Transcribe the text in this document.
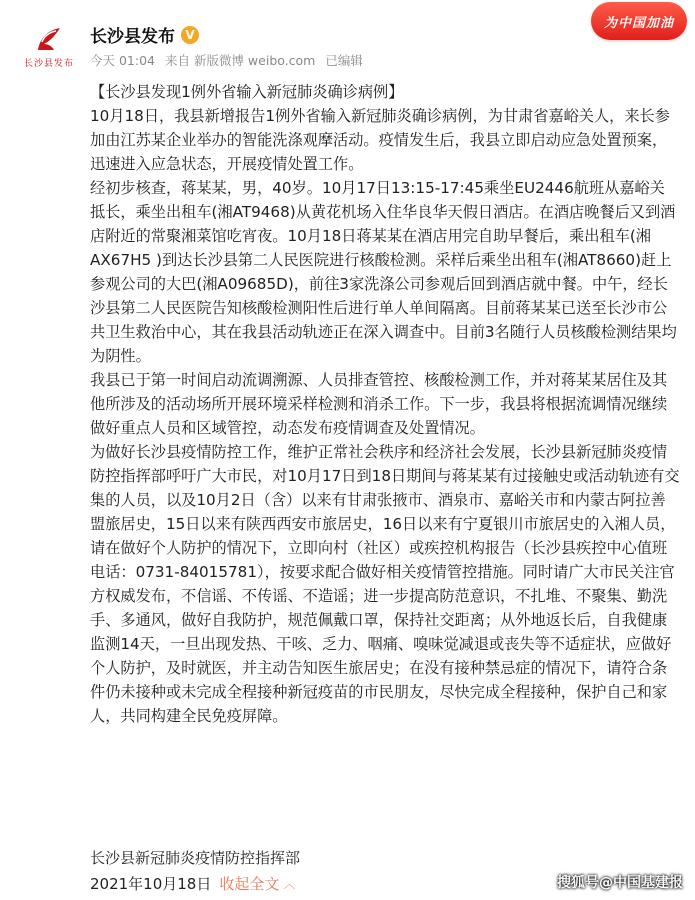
长沙县发布
长沙县发布 V
今天 01:04 来自 新版微博 weibo.com 已编辑
为中国加油

【长沙县发现1例外省输入新冠肺炎确诊病例】

10月18日，我县新增报告1例外省输入新冠肺炎确诊病例，为甘肃省嘉峪关人，来长参加由江苏某企业举办的智能洗涤观摩活动。疫情发生后，我县立即启动应急处置预案，迅速进入应急状态，开展疫情处置工作。

经初步核查，蒋某某，男，40岁。10月17日13:15-17:45乘坐EU2446航班从嘉峪关抵长，乘坐出租车(湘AT9468)从黄花机场入住华良华天假日酒店。在酒店晚餐后又到酒店附近的常聚湘菜馆吃宵夜。10月18日蒋某某在酒店用完自助早餐后，乘出租车(湘AX67H5 )到达长沙县第二人民医院进行核酸检测。采样后乘坐出租车(湘AT8660)赶上参观公司的大巴(湘A09685D)，前往3家洗涤公司参观后回到酒店就中餐。中午，经长沙县第二人民医院告知核酸检测阳性后进行单人单间隔离。目前蒋某某已送至长沙市公共卫生救治中心，其在我县活动轨迹正在深入调查中。目前3名随行人员核酸检测结果均为阴性。

我县已于第一时间启动流调溯源、人员排查管控、核酸检测工作，并对蒋某某居住及其他所涉及的活动场所开展环境采样检测和消杀工作。下一步，我县将根据流调情况继续做好重点人员和区域管控，动态发布疫情调查及处置情况。

为做好长沙县疫情防控工作，维护正常社会秩序和经济社会发展，长沙县新冠肺炎疫情防控指挥部呼吁广大市民，对10月17日到18日期间与蒋某某有过接触史或活动轨迹有交集的人员，以及10月2日（含）以来有甘肃张掖市、酒泉市、嘉峪关市和内蒙古阿拉善盟旅居史，15日以来有陕西西安市旅居史，16日以来有宁夏银川市旅居史的入湘人员，请在做好个人防护的情况下，立即向村（社区）或疾控机构报告（长沙县疾控中心值班电话：0731-84015781），按要求配合做好相关疫情管控措施。同时请广大市民关注官方权威发布，不信谣、不传谣、不造谣；进一步提高防范意识，不扎堆、不聚集、勤洗手、多通风，做好自我防护，规范佩戴口罩，保持社交距离；从外地返长后，自我健康监测14天，一旦出现发热、干咳、乏力、咽痛、嗅味觉减退或丧失等不适症状，应做好个人防护，及时就医，并主动告知医生旅居史；在没有接种禁忌症的情况下，请符合条件仍未接种或未完成全程接种新冠疫苗的市民朋友，尽快完成全程接种，保护自己和家人，共同构建全民免疫屏障。

长沙县新冠肺炎疫情防控指挥部
2021年10月18日 收起全文 ︿	搜狐号@中国基建报
